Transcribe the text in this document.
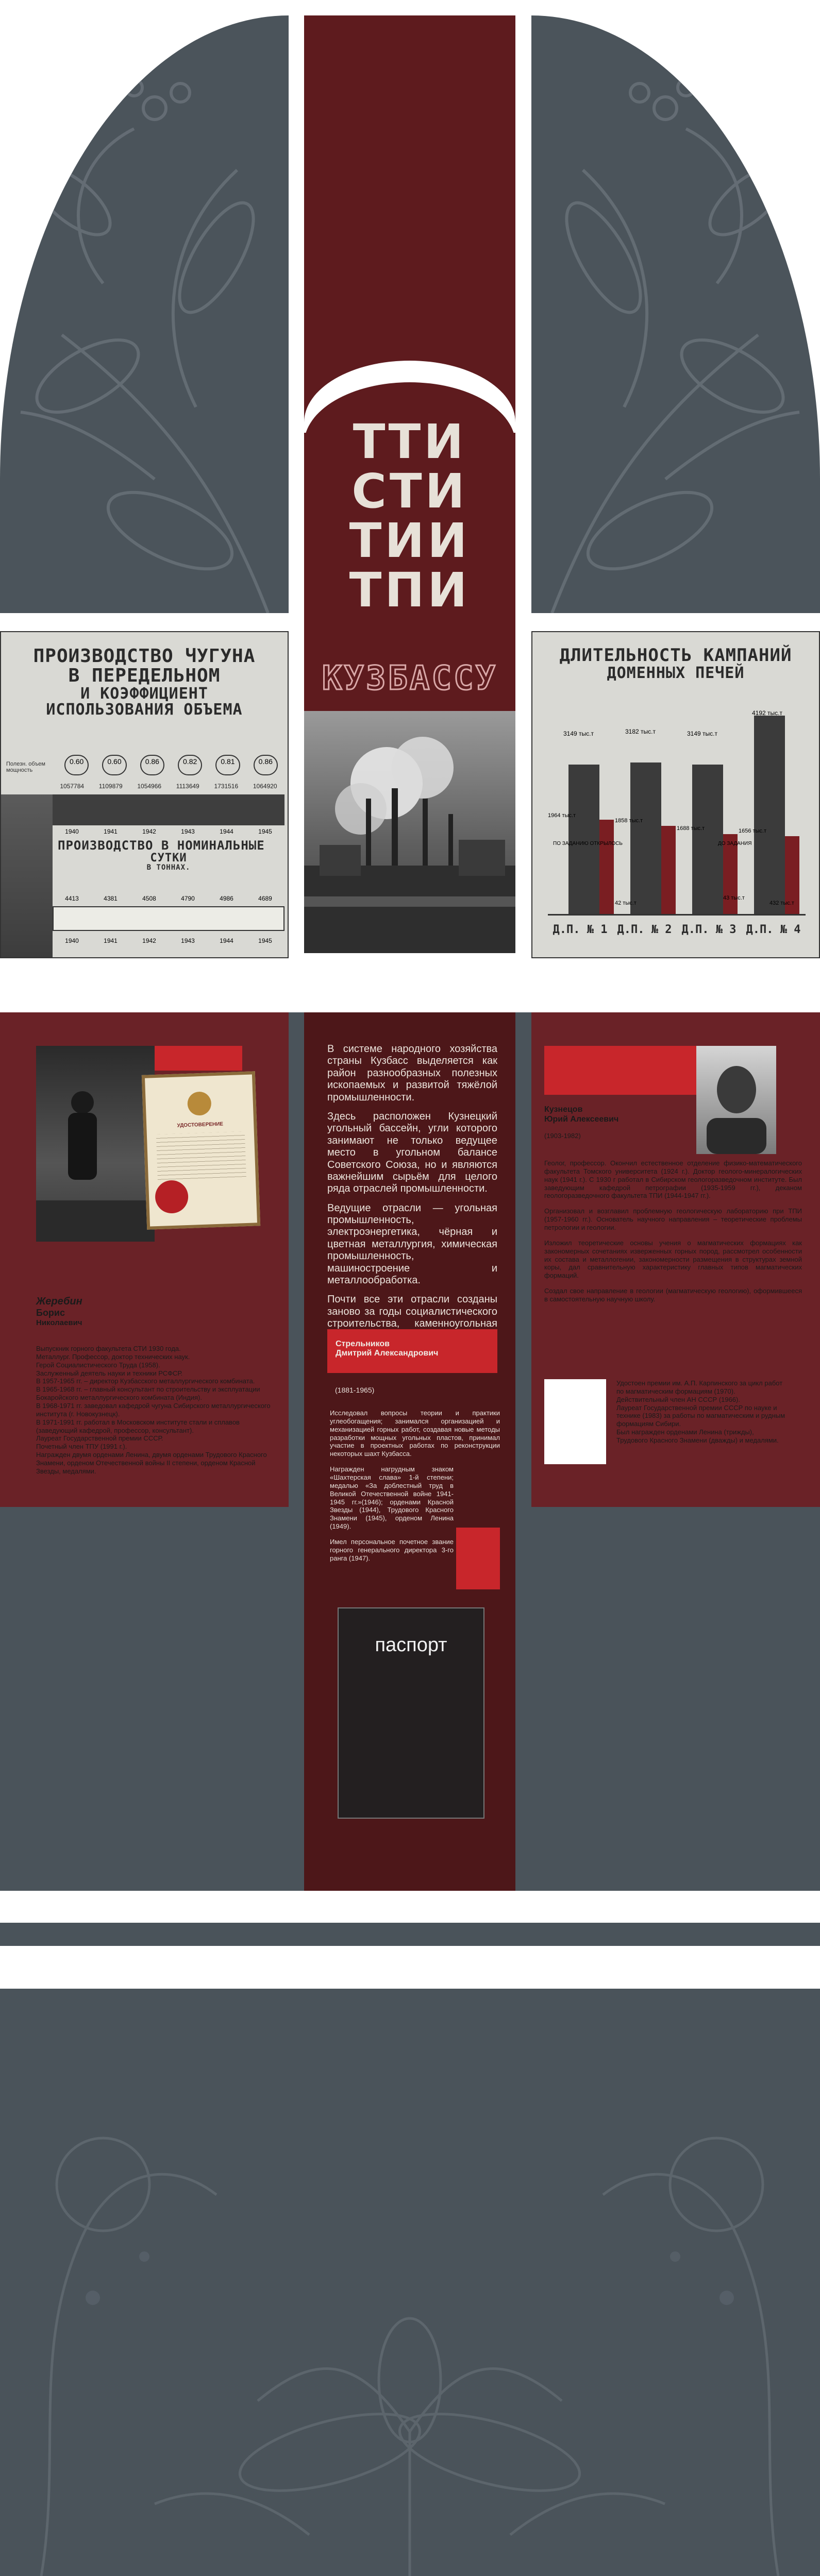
ТТИ
СТИ
ТИИ
ТПИ
КУЗБАССУ
ПРОИЗВОДСТВО ЧУГУНА
В ПЕРЕДЕЛЬНОМ
И КОЭФФИЦИЕНТ
ИСПОЛЬЗОВАНИЯ ОБЪЕМА
Полезн. объем мощность
0.60	0.60	0.86	0.82	0.81	0.86
1057784 1109879 1054966 1113649 1731516 1064920
1940	1941	1942	1943	1944	1945
ПРОИЗВОДСТВО В НОМИНАЛЬНЫЕ
СУТКИ
В ТОННАХ.
4413	4381	4508	4790	4986	4689
1940	1941	1942	1943	1944	1945
ДЛИТЕЛЬНОСТЬ КАМПАНИЙ
ДОМЕННЫХ ПЕЧЕЙ
3149 тыс.т	3182 тыс.т	3149 тыс.т
4192 тыс.т
1964 тыс.т
1858 тыс.т
1688 тыс.т	1656 тыс.т
42 тыс.т
43 тыс.т
432 тыс.т
ПО ЗАДАНИЮ ОТКРЫЛОСЬ	ДО ЗАДАНИЯ
Д.П. № 1 Д.П. № 2 Д.П. № 3 Д.П. № 4
УДОСТОВЕРЕНИЕ
Жеребин
Борис
Николаевич
Выпускник горного факультета СТИ 1930 года.
Металлург. Профессор, доктор технических наук.
Герой Социалистического Труда (1958).
Заслуженный деятель науки и техники РСФСР.
В 1957-1965 гг. – директор Кузбасского металлургического комбината.
В 1965-1968 гг. – главный консультант по строительству и эксплуатации Бокаройского металлургического комбината (Индия).
В 1968-1971 гг. заведовал кафедрой чугуна Сибирского металлургического института (г. Новокузнецк).
В 1971-1991 гг. работал в Московском институте стали и сплавов (заведующий кафедрой, профессор, консультант).
Лауреат Государственной премии СССР.
Почетный член ТПУ (1991 г.).
Награжден двумя орденами Ленина, двумя орденами Трудового Красного Знамени, орденом Отечественной войны II степени, орденом Красной Звезды, медалями.

В системе народного хозяйства страны Кузбасс выделяется как район разнообразных полезных ископаемых и развитой тяжёлой промышленности.

Здесь расположен Кузнецкий угольный бассейн, угли которого занимают не только ведущее место в угольном балансе Советского Союза, но и являются важнейшим сырьём для целого ряда отраслей промышленности.

Ведущие отрасли — угольная промышленность, электроэнергетика, чёрная и цветная металлургия, химическая промышленность, машиностроение и металлообработка.

Почти все эти отрасли созданы заново за годы социалистического строительства, каменноугольная

Стрельников
Дмитрий Александрович
(1881-1965)

Исследовал вопросы теории и практики углеобогащения; занимался организацией и механизацией горных работ, создавая новые методы разработки мощных угольных пластов, принимал участие в проектных работах по реконструкции некоторых шахт Кузбасса.

Награжден нагрудным знаком «Шахтерская слава» 1-й степени; медалью «За доблестный труд в Великой Отечественной войне 1941-1945 гг.»(1946); орденами Красной Звезды (1944), Трудового Красного Знамени (1945), орденом Ленина (1949).

Имел персональное почетное звание горного генерального директора 3-го ранга (1947).

паспорт
Кузнецов
Юрий Алексеевич
(1903-1982)

Геолог, профессор. Окончил естественное отделение физико-математического факультета Томского университета (1924 г.). Доктор геолого-минералогических наук (1941 г.). С 1930 г работал в Сибирском геологоразведочном институте. Был заведующим кафедрой петрографии (1935-1959 гг.), деканом геологоразведочного факультета ТПИ (1944-1947 гг.).

Организовал и возглавил проблемную геологическую лабораторию при ТПИ (1957-1960 гг.). Основатель научного направления – теоретические проблемы петрологии и геологии.

Изложил теоретические основы учения о магматических формациях как закономерных сочетаниях изверженных горных пород, рассмотрел особенности их состава и металлогении, закономерности размещения в структурах земной коры, дал сравнительную характеристику главных типов магматических формаций.

Создал свое направление в геологии (магматическую геологию), оформившееся в самостоятельную научную школу.

Удостоен премии им. А.П. Карпинского за цикл работ по магматическим формациям (1970).

Действительный член АН СССР (1966).

Лауреат Государственной премии СССР по науке и технике (1983) за работы по магматическим и рудным формациям Сибири.

Был награжден орденами Ленина (трижды), Трудового Красного Знамени (дважды) и медалями.
